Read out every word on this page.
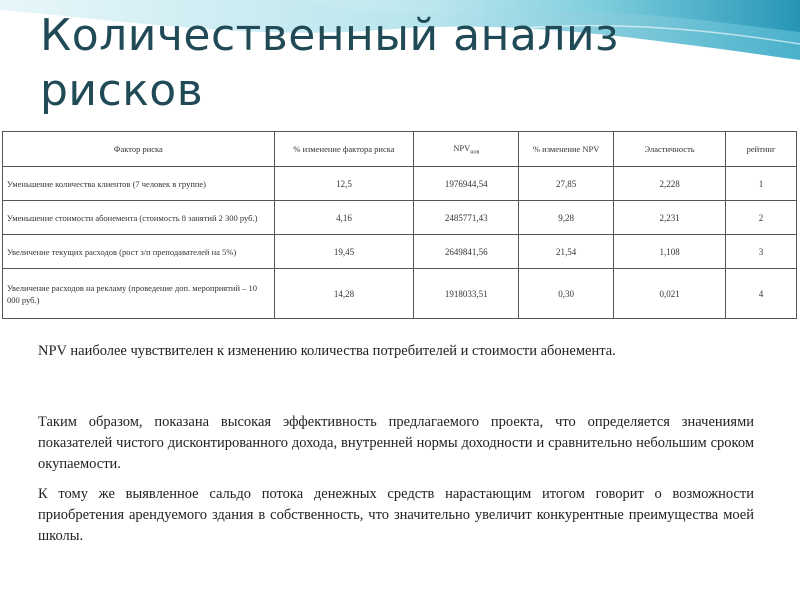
Количественный анализ рисков
Фактор риска	% изменение фактора риска	$NPV_{нов}$	% изменение NPV	Эластичность	рейтинг
Уменьшение количества клиентов (7 человек в группе)	12,5	1976944,54	27,85	2,228	1
Уменьшение стоимости абонемента (стоимость 8 занятий 2 300 руб.)	4,16	2485771,43	9,28	2,231	2
Увеличение текущих расходов (рост з/п преподавателей на 5%)	19,45	2649841,56	21,54	1,108	3
Увеличение расходов на рекламу (проведение доп. мероприятий – 10 000 руб.)	14,28	1918033,51	0,30	0,021	4

NPV наиболее чувствителен к изменению количества потребителей и стоимости абонемента.

Таким образом, показана высокая эффективность предлагаемого проекта, что определяется значениями показателей чистого дисконтированного дохода, внутренней нормы доходности и сравнительно небольшим сроком окупаемости.

К тому же выявленное сальдо потока денежных средств нарастающим итогом говорит о возможности приобретения арендуемого здания в собственность, что значительно увеличит конкурентные преимущества моей школы.
